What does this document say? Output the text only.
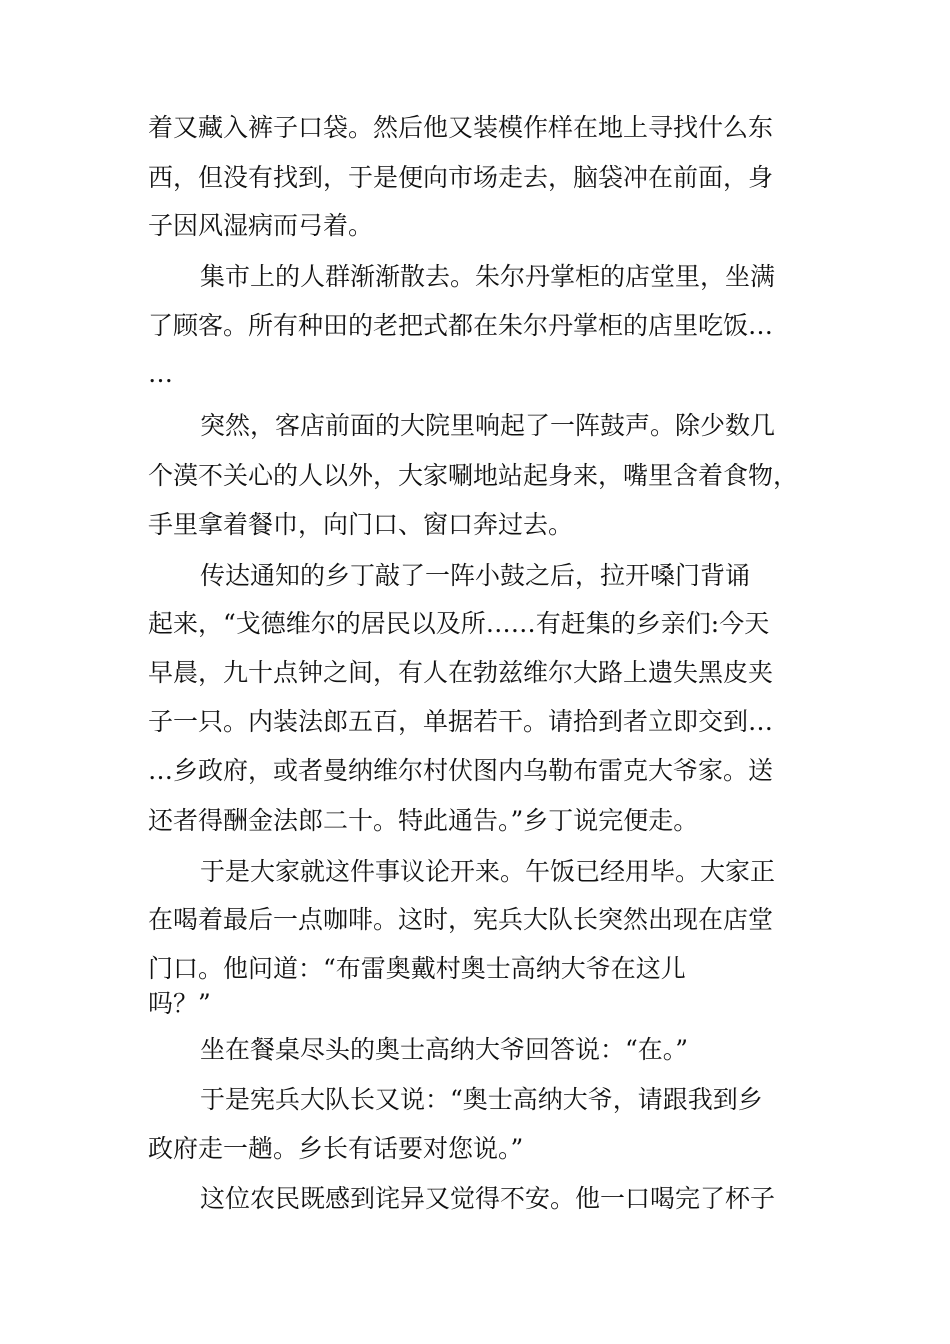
着又藏入裤子口袋。然后他又装模作样在地上寻找什么东

西，但没有找到，于是便向市场走去，脑袋冲在前面，身

子因风湿病而弓着。

集市上的人群渐渐散去。朱尔丹掌柜的店堂里，坐满

了顾客。所有种田的老把式都在朱尔丹掌柜的店里吃饭…

…

突然，客店前面的大院里响起了一阵鼓声。除少数几

个漠不关心的人以外，大家唰地站起身来，嘴里含着食物，

手里拿着餐巾，向门口、窗口奔过去。

传达通知的乡丁敲了一阵小鼓之后，拉开嗓门背诵

起来，“戈德维尔的居民以及所……有赶集的乡亲们:今天

早晨，九十点钟之间，有人在勃兹维尔大路上遗失黑皮夹

子一只。内装法郎五百，单据若干。请拾到者立即交到…

…乡政府，或者曼纳维尔村伏图内乌勒布雷克大爷家。送

还者得酬金法郎二十。特此通告。”乡丁说完便走。

于是大家就这件事议论开来。午饭已经用毕。大家正

在喝着最后一点咖啡。这时，宪兵大队长突然出现在店堂

门口。他问道：“布雷奥戴村奥士高纳大爷在这儿

吗？”

坐在餐桌尽头的奥士高纳大爷回答说：“在。”

于是宪兵大队长又说：“奥士高纳大爷，请跟我到乡

政府走一趟。乡长有话要对您说。”

这位农民既感到诧异又觉得不安。他一口喝完了杯子
